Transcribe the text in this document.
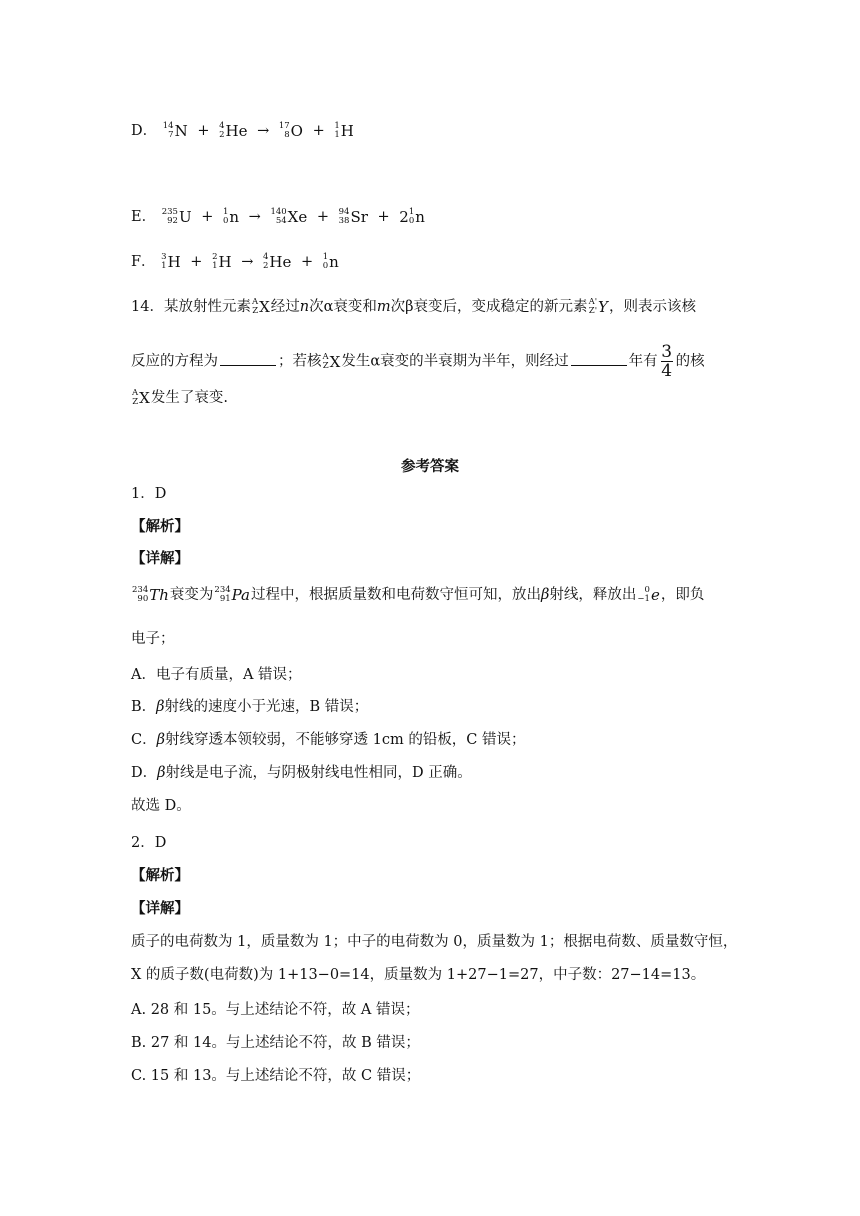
D． 14
7 N + 4
2 He → 17
8 O + 1
1 H
E． 235
92 U + 1
0 n → 140
54 Xe + 94
38 Sr + 2 1
0 n
F． 3
1 H + 2
1 H → 4
2 He + 1
0 n
14．某放射性元素 A
Z X 经过n次α衰变和m次β衰变后，变成稳定的新元素 A'
Z' Y ，则表示该核
反应的方程为	；若核 A
Z X 发生α衰变的半衰期为半年，则经过	年有 $\frac{3}{4}$ 的核
A
Z X 发生了衰变.
参考答案
1．D
【解析】
【详解】
234
90 Th 衰变为 234
91 Pa 过程中，根据质量数和电荷数守恒可知，放出β射线，释放出 0
−1 e ，即负
电子；
A．电子有质量，A 错误；
B．β射线的速度小于光速，B 错误；
C．β射线穿透本领较弱，不能够穿透 1cm 的铅板，C 错误；
D．β射线是电子流，与阴极射线电性相同，D 正确。
故选 D。
2．D
【解析】
【详解】
质子的电荷数为 1，质量数为 1；中子的电荷数为 0，质量数为 1；根据电荷数、质量数守恒，
X 的质子数(电荷数)为 1+13−0=14，质量数为 1+27−1=27，中子数：27−14=13。
A. 28 和 15。与上述结论不符，故 A 错误；
B. 27 和 14。与上述结论不符，故 B 错误；
C. 15 和 13。与上述结论不符，故 C 错误；
